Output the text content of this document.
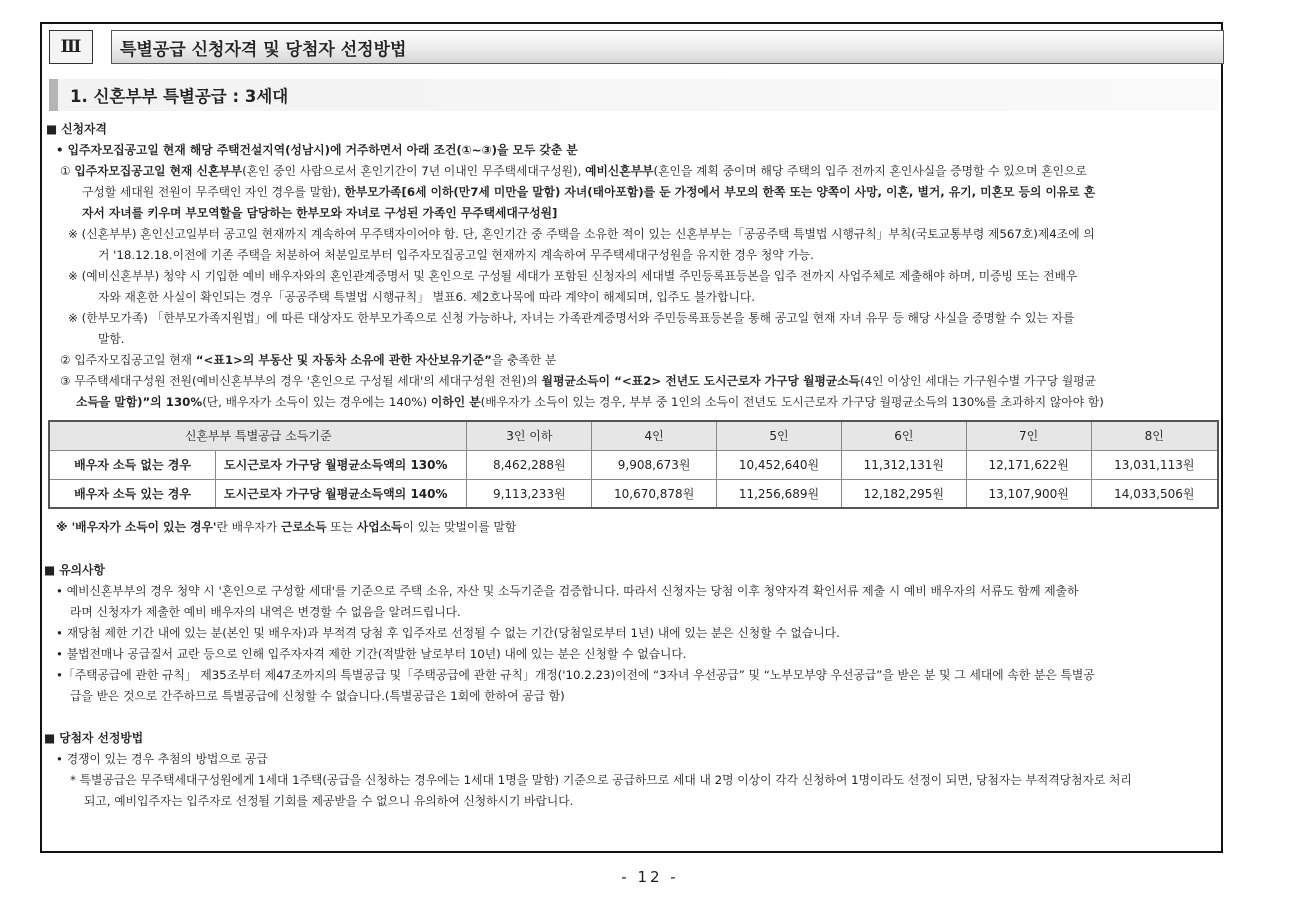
Ⅲ	특별공급 신청자격 및 당첨자 선정방법
1. 신혼부부 특별공급 : 3세대
■ 신청자격
• 입주자모집공고일 현재 해당 주택건설지역(성남시)에 거주하면서 아래 조건(①~③)을 모두 갖춘 분
① 입주자모집공고일 현재 신혼부부(혼인 중인 사람으로서 혼인기간이 7년 이내인 무주택세대구성원), 예비신혼부부(혼인을 계획 중이며 해당 주택의 입주 전까지 혼인사실을 증명할 수 있으며 혼인으로
구성할 세대원 전원이 무주택인 자인 경우를 말함), 한부모가족[6세 이하(만7세 미만을 말함) 자녀(태아포함)를 둔 가정에서 부모의 한쪽 또는 양쪽이 사망, 이혼, 별거, 유기, 미혼모 등의 이유로 혼
자서 자녀를 키우며 부모역할을 담당하는 한부모와 자녀로 구성된 가족인 무주택세대구성원]
※ (신혼부부) 혼인신고일부터 공고일 현재까지 계속하여 무주택자이어야 함. 단, 혼인기간 중 주택을 소유한 적이 있는 신혼부부는「공공주택 특별법 시행규칙」부칙(국토교통부령 제567호)제4조에 의
거 '18.12.18.이전에 기존 주택을 처분하여 처분일로부터 입주자모집공고일 현재까지 계속하여 무주택세대구성원을 유지한 경우 청약 가능.
※ (예비신혼부부) 청약 시 기입한 예비 배우자와의 혼인관계증명서 및 혼인으로 구성될 세대가 포함된 신청자의 세대별 주민등록표등본을 입주 전까지 사업주체로 제출해야 하며, 미증빙 또는 전배우
자와 재혼한 사실이 확인되는 경우「공공주택 특별법 시행규칙」 별표6. 제2호나목에 따라 계약이 해제되며, 입주도 불가합니다.
※ (한부모가족) 「한부모가족지원법」에 따른 대상자도 한부모가족으로 신청 가능하나, 자녀는 가족관계증명서와 주민등록표등본을 통해 공고일 현재 자녀 유무 등 해당 사실을 증명할 수 있는 자를
말함.
② 입주자모집공고일 현재 “<표1>의 부동산 및 자동차 소유에 관한 자산보유기준”을 충족한 분
③ 무주택세대구성원 전원(예비신혼부부의 경우 '혼인으로 구성될 세대'의 세대구성원 전원)의 월평균소득이 “<표2> 전년도 도시근로자 가구당 월평균소득(4인 이상인 세대는 가구원수별 가구당 월평균
소득을 말함)”의 130%(단, 배우자가 소득이 있는 경우에는 140%) 이하인 분(배우자가 소득이 있는 경우, 부부 중 1인의 소득이 전년도 도시근로자 가구당 월평균소득의 130%를 초과하지 않아야 함)
신혼부부 특별공급 소득기준		3인 이하	4인	5인	6인	7인	8인
배우자 소득 없는 경우	도시근로자 가구당 월평균소득액의 130%	8,462,288원	9,908,673원	10,452,640원	11,312,131원	12,171,622원	13,031,113원
배우자 소득 있는 경우	도시근로자 가구당 월평균소득액의 140%	9,113,233원	10,670,878원	11,256,689원	12,182,295원	13,107,900원	14,033,506원
※ '배우자가 소득이 있는 경우'란 배우자가 근로소득 또는 사업소득이 있는 맞벌이를 말함
■ 유의사항
• 예비신혼부부의 경우 청약 시 '혼인으로 구성할 세대'를 기준으로 주택 소유, 자산 및 소득기준을 검증합니다. 따라서 신청자는 당첨 이후 청약자격 확인서류 제출 시 예비 배우자의 서류도 함께 제출하
라며 신청자가 제출한 예비 배우자의 내역은 변경할 수 없음을 알려드립니다.
• 재당첨 제한 기간 내에 있는 분(본인 및 배우자)과 부적격 당첨 후 입주자로 선정될 수 없는 기간(당첨일로부터 1년) 내에 있는 분은 신청할 수 없습니다.
• 불법전매나 공급질서 교란 등으로 인해 입주자자격 제한 기간(적발한 날로부터 10년) 내에 있는 분은 신청할 수 없습니다.
•「주택공급에 관한 규칙」 제35조부터 제47조까지의 특별공급 및「주택공급에 관한 규칙」개정('10.2.23)이전에 “3자녀 우선공급” 및 “노부모부양 우선공급”을 받은 분 및 그 세대에 속한 분은 특별공
급을 받은 것으로 간주하므로 특별공급에 신청할 수 없습니다.(특별공급은 1회에 한하여 공급 함)
■ 당첨자 선정방법
• 경쟁이 있는 경우 추첨의 방법으로 공급
* 특별공급은 무주택세대구성원에게 1세대 1주택(공급을 신청하는 경우에는 1세대 1명을 말함) 기준으로 공급하므로 세대 내 2명 이상이 각각 신청하여 1명이라도 선정이 되면, 당첨자는 부적격당첨자로 처리
되고, 예비입주자는 입주자로 선정될 기회를 제공받을 수 없으니 유의하여 신청하시기 바랍니다.
- 12 -
